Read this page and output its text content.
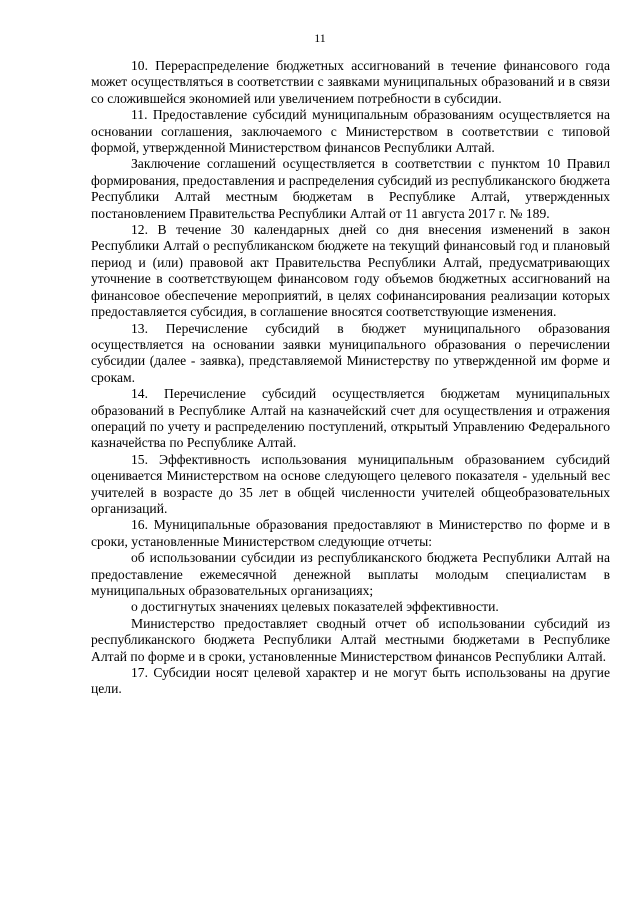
11

10. Перераспределение бюджетных ассигнований в течение финансового года может осуществляться в соответствии с заявками муниципальных образований и в связи со сложившейся экономией или увеличением потребности в субсидии.

11. Предоставление субсидий муниципальным образованиям осуществляется на основании соглашения, заключаемого с Министерством в соответствии с типовой формой, утвержденной Министерством финансов Республики Алтай.

Заключение соглашений осуществляется в соответствии с пунктом 10 Правил формирования, предоставления и распределения субсидий из республиканского бюджета Республики Алтай местным бюджетам в Республике Алтай, утвержденных постановлением Правительства Республики Алтай от 11 августа 2017 г. № 189.

12. В течение 30 календарных дней со дня внесения изменений в закон Республики Алтай о республиканском бюджете на текущий финансовый год и плановый период и (или) правовой акт Правительства Республики Алтай, предусматривающих уточнение в соответствующем финансовом году объемов бюджетных ассигнований на финансовое обеспечение мероприятий, в целях софинансирования реализации которых предоставляется субсидия, в соглашение вносятся соответствующие изменения.

13. Перечисление субсидий в бюджет муниципального образования осуществляется на основании заявки муниципального образования о перечислении субсидии (далее - заявка), представляемой Министерству по утвержденной им форме и срокам.

14. Перечисление субсидий осуществляется бюджетам муниципальных образований в Республике Алтай на казначейский счет для осуществления и отражения операций по учету и распределению поступлений, открытый Управлению Федерального казначейства по Республике Алтай.

15. Эффективность использования муниципальным образованием субсидий оценивается Министерством на основе следующего целевого показателя - удельный вес учителей в возрасте до 35 лет в общей численности учителей общеобразовательных организаций.

16. Муниципальные образования предоставляют в Министерство по форме и в сроки, установленные Министерством следующие отчеты:

об использовании субсидии из республиканского бюджета Республики Алтай на предоставление ежемесячной денежной выплаты молодым специалистам в муниципальных образовательных организациях;

о достигнутых значениях целевых показателей эффективности.

Министерство предоставляет сводный отчет об использовании субсидий из республиканского бюджета Республики Алтай местными бюджетами в Республике Алтай по форме и в сроки, установленные Министерством финансов Республики Алтай.

17. Субсидии носят целевой характер и не могут быть использованы на другие цели.
